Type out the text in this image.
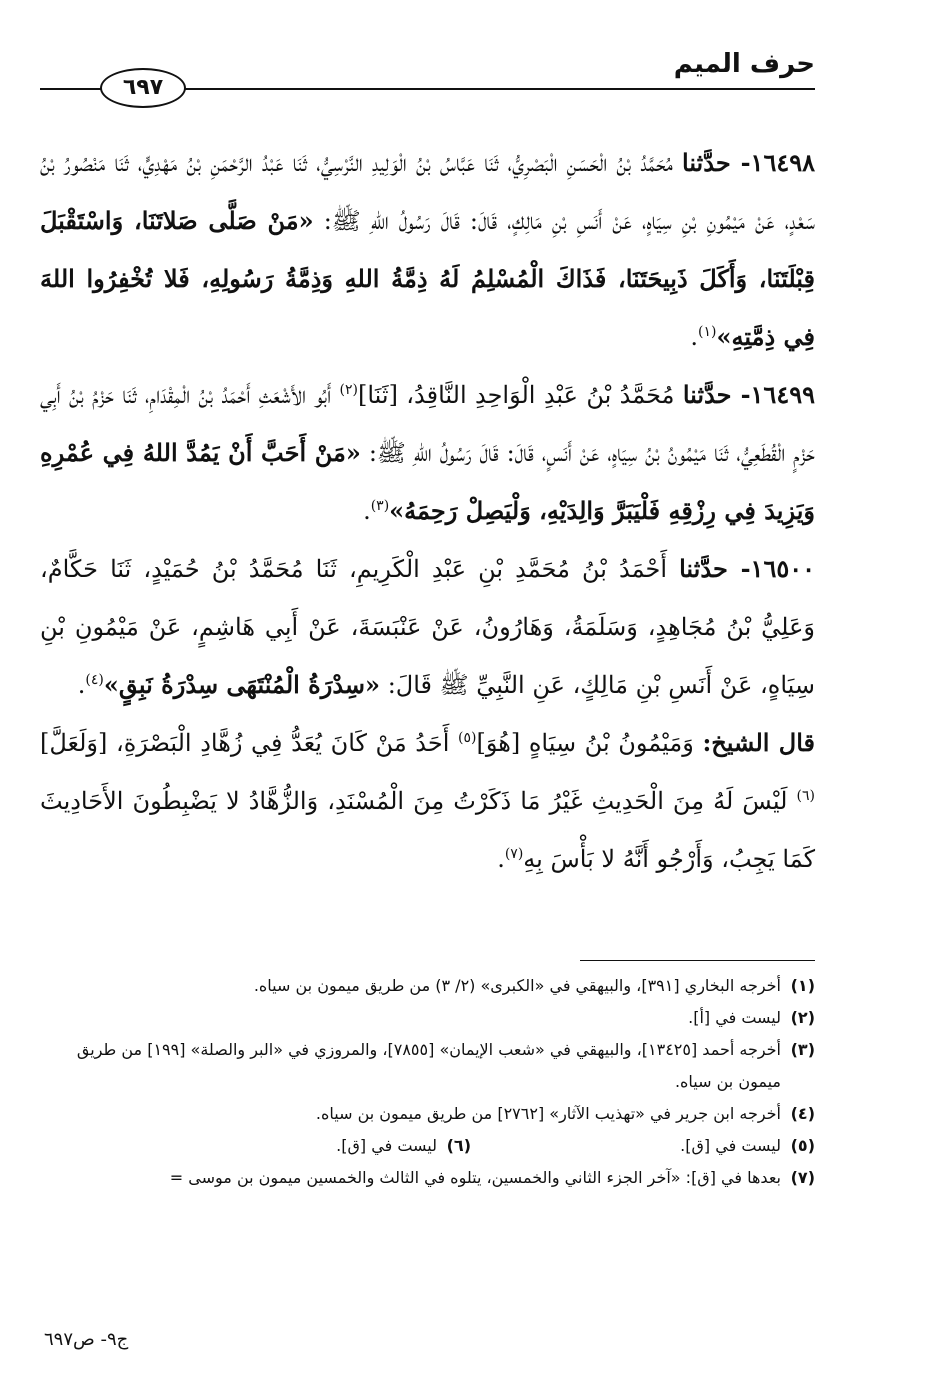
حرف الميم
٦٩٧

١٦٤٩٨- حدَّثنا مُحَمَّدُ بْنُ الْحَسَنِ الْبَصْرِيُّ، ثَنَا عَبَّاسُ بْنُ الْوَلِيدِ النَّرْسِيُّ، ثَنَا عَبْدُ الرَّحْمَنِ بْنُ مَهْدِيٍّ، ثَنَا مَنْصُورُ بْنُ سَعْدٍ، عَنْ مَيْمُونِ بْنِ سِيَاهٍ، عَنْ أَنَسِ بْنِ مَالِكٍ، قَالَ: قَالَ رَسُولُ اللهِ ﷺ: «مَنْ صَلَّى صَلاتَنَا، وَاسْتَقْبَلَ قِبْلَتَنَا، وَأَكَلَ ذَبِيحَتَنَا، فَذَاكَ الْمُسْلِمُ لَهُ ذِمَّةُ اللهِ وَذِمَّةُ رَسُولِهِ، فَلا تُخْفِرُوا اللهَ فِي ذِمَّتِهِ»$^{(١)}$.

١٦٤٩٩- حدَّثنا مُحَمَّدُ بْنُ عَبْدِ الْوَاحِدِ النَّاقِدُ، [ثَنَا]$^{(٢)}$ أَبُو الأَشْعَثِ أَحْمَدُ بْنُ الْمِقْدَامِ، ثَنَا حَزْمُ بْنُ أَبِي حَزْمٍ الْقُطَعِيُّ، ثَنَا مَيْمُونُ بْنُ سِيَاهٍ، عَنْ أَنَسٍ، قَالَ: قَالَ رَسُولُ اللهِ ﷺ: «مَنْ أَحَبَّ أَنْ يَمُدَّ اللهُ فِي عُمْرِهِ وَيَزِيدَ فِي رِزْقِهِ فَلْيَبَرَّ وَالِدَيْهِ، وَلْيَصِلْ رَحِمَهُ»$^{(٣)}$.

١٦٥٠٠- حدَّثنا أَحْمَدُ بْنُ مُحَمَّدِ بْنِ عَبْدِ الْكَرِيمِ، ثَنَا مُحَمَّدُ بْنُ حُمَيْدٍ، ثَنَا حَكَّامٌ، وَعَلِيُّ بْنُ مُجَاهِدٍ، وَسَلَمَةُ، وَهَارُونُ، عَنْ عَنْبَسَةَ، عَنْ أَبِي هَاشِمٍ، عَنْ مَيْمُونِ بْنِ سِيَاهٍ، عَنْ أَنَسِ بْنِ مَالِكٍ، عَنِ النَّبِيِّ ﷺ قَالَ: «سِدْرَةُ الْمُنْتَهَى سِدْرَةُ نَبِقٍ»$^{(٤)}$.

قال الشيخ: وَمَيْمُونُ بْنُ سِيَاهٍ [هُوَ]$^{(٥)}$ أَحَدُ مَنْ كَانَ يُعَدُّ فِي زُهَّادِ الْبَصْرَةِ، [وَلَعَلَّ]$^{(٦)}$ لَيْسَ لَهُ مِنَ الْحَدِيثِ غَيْرُ مَا ذَكَرْتُ مِنَ الْمُسْنَدِ، وَالزُّهَّادُ لا يَضْبِطُونَ الأَحَادِيثَ كَمَا يَجِبُ، وَأَرْجُو أَنَّهُ لا بَأْسَ بِهِ$^{(٧)}$.

(١)
أخرجه البخاري [٣٩١]، والبيهقي في «الكبرى» (٢/ ٣) من طريق ميمون بن سياه.

(٢)
ليست في [أ].

(٣)
أخرجه أحمد [١٣٤٢٥]، والبيهقي في «شعب الإيمان» [٧٨٥٥]، والمروزي في «البر والصلة» [١٩٩] من طريق ميمون بن سياه.

(٤)
أخرجه ابن جرير في «تهذيب الآثار» [٢٧٦٢] من طريق ميمون بن سياه.

(٥)
ليست في [ق].

(٦)
ليست في [ق].

(٧)
بعدها في [ق]: «آخر الجزء الثاني والخمسين، يتلوه في الثالث والخمسين ميمون بن موسى =

ج٩- ص٦٩٧
